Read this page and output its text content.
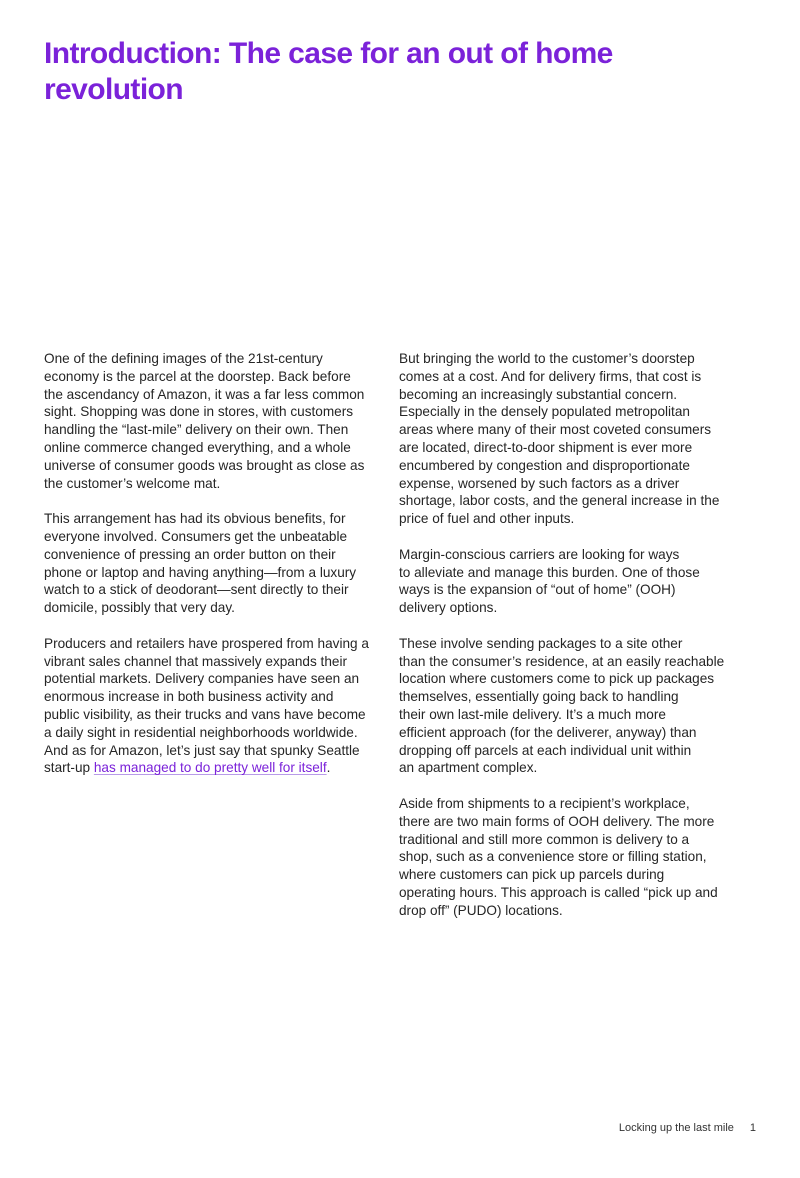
Introduction: The case for an out of home
revolution

One of the defining images of the 21st-century
economy is the parcel at the doorstep. Back before
the ascendancy of Amazon, it was a far less common
sight. Shopping was done in stores, with customers
handling the “last-mile” delivery on their own. Then
online commerce changed everything, and a whole
universe of consumer goods was brought as close as
the customer’s welcome mat.

This arrangement has had its obvious benefits, for
everyone involved. Consumers get the unbeatable
convenience of pressing an order button on their
phone or laptop and having anything—from a luxury
watch to a stick of deodorant—sent directly to their
domicile, possibly that very day.

Producers and retailers have prospered from having a
vibrant sales channel that massively expands their
potential markets. Delivery companies have seen an
enormous increase in both business activity and
public visibility, as their trucks and vans have become
a daily sight in residential neighborhoods worldwide.
And as for Amazon, let’s just say that spunky Seattle
start-up has managed to do pretty well for itself.

But bringing the world to the customer’s doorstep
comes at a cost. And for delivery firms, that cost is
becoming an increasingly substantial concern.
Especially in the densely populated metropolitan
areas where many of their most coveted consumers
are located, direct-to-door shipment is ever more
encumbered by congestion and disproportionate
expense, worsened by such factors as a driver
shortage, labor costs, and the general increase in the
price of fuel and other inputs.

Margin-conscious carriers are looking for ways
to alleviate and manage this burden. One of those
ways is the expansion of “out of home” (OOH)
delivery options.

These involve sending packages to a site other
than the consumer’s residence, at an easily reachable
location where customers come to pick up packages
themselves, essentially going back to handling
their own last-mile delivery. It’s a much more
efficient approach (for the deliverer, anyway) than
dropping off parcels at each individual unit within
an apartment complex.

Aside from shipments to a recipient’s workplace,
there are two main forms of OOH delivery. The more
traditional and still more common is delivery to a
shop, such as a convenience store or filling station,
where customers can pick up parcels during
operating hours. This approach is called “pick up and
drop off” (PUDO) locations.

Locking up the last mile 1
